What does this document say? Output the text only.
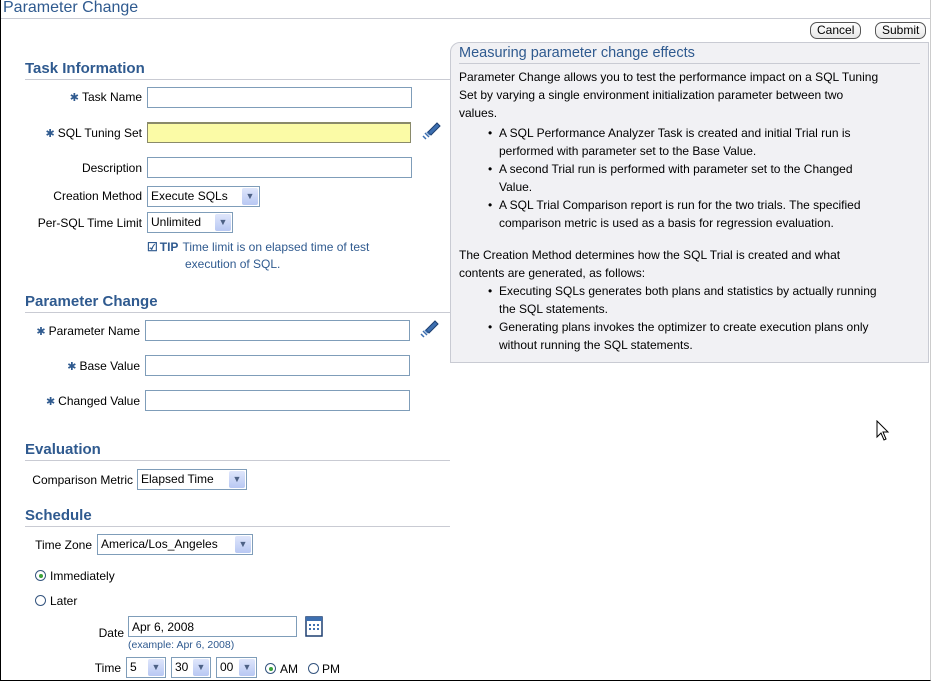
Parameter Change
Cancel	Submit
Measuring parameter change effects
Parameter Change allows you to test the performance impact on a SQL Tuning
Set by varying a single environment initialization parameter between two
values.
• A SQL Performance Analyzer Task is created and initial Trial run is
performed with parameter set to the Base Value.
• A second Trial run is performed with parameter set to the Changed
Value.
• A SQL Trial Comparison report is run for the two trials. The specified
comparison metric is used as a basis for regression evaluation.
The Creation Method determines how the SQL Trial is created and what
contents are generated, as follows:
• Executing SQLs generates both plans and statistics by actually running
the SQL statements.
• Generating plans invokes the optimizer to create execution plans only
without running the SQL statements.
Task Information
✱ Task Name
✱ SQL Tuning Set
Description
Creation Method Execute SQLs	▼
Per-SQL Time Limit Unlimited	▼
☑ TIP Time limit is on elapsed time of test
execution of SQL.
Parameter Change
✱ Parameter Name
✱ Base Value
✱ Changed Value
Evaluation
Comparison Metric Elapsed Time	▼
Schedule
Time Zone America/Los_Angeles	▼
Immediately
Later
Date
Apr 6, 2008
(example: Apr 6, 2008)
Time 5	▼	30 ▼	00	▼ AM PM
